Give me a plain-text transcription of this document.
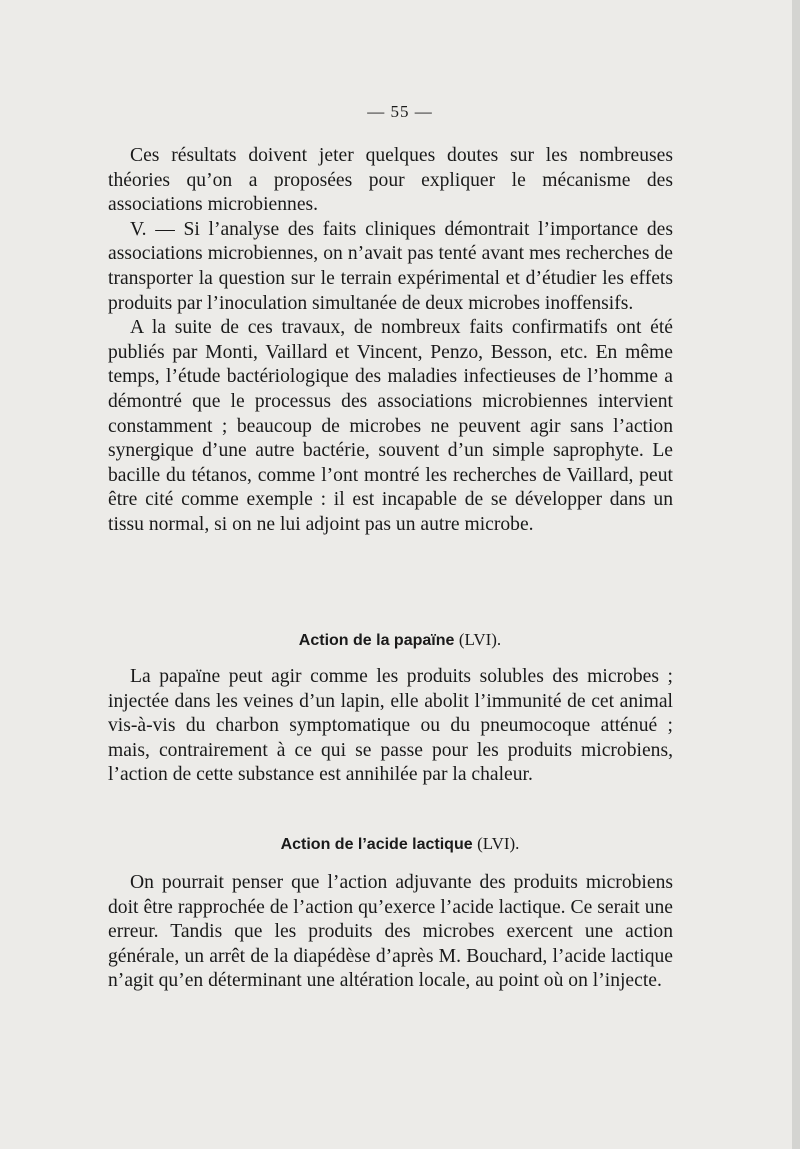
— 55 —

Ces résultats doivent jeter quelques doutes sur les nombreuses théories qu’on a proposées pour expliquer le mécanisme des associations microbiennes.

V. — Si l’analyse des faits cliniques démontrait l’importance des associations microbiennes, on n’avait pas tenté avant mes recherches de transporter la question sur le terrain expérimental et d’étudier les effets produits par l’inoculation simultanée de deux microbes inoffensifs.

A la suite de ces travaux, de nombreux faits confirmatifs ont été publiés par Monti, Vaillard et Vincent, Penzo, Besson, etc. En même temps, l’étude bactériologique des maladies infectieuses de l’homme a démontré que le processus des associations microbiennes intervient constamment ; beaucoup de microbes ne peuvent agir sans l’action synergique d’une autre bactérie, souvent d’un simple saprophyte. Le bacille du tétanos, comme l’ont montré les recherches de Vaillard, peut être cité comme exemple : il est incapable de se développer dans un tissu normal, si on ne lui adjoint pas un autre microbe.

Action de la papaïne (LVI).

La papaïne peut agir comme les produits solubles des microbes ; injectée dans les veines d’un lapin, elle abolit l’immunité de cet animal vis-à-vis du charbon symptomatique ou du pneumocoque atténué ; mais, contrairement à ce qui se passe pour les produits microbiens, l’action de cette substance est annihilée par la chaleur.

Action de l’acide lactique (LVI).

On pourrait penser que l’action adjuvante des produits microbiens doit être rapprochée de l’action qu’exerce l’acide lactique. Ce serait une erreur. Tandis que les produits des microbes exercent une action générale, un arrêt de la diapédèse d’après M. Bouchard, l’acide lactique n’agit qu’en déterminant une altération locale, au point où on l’injecte.
